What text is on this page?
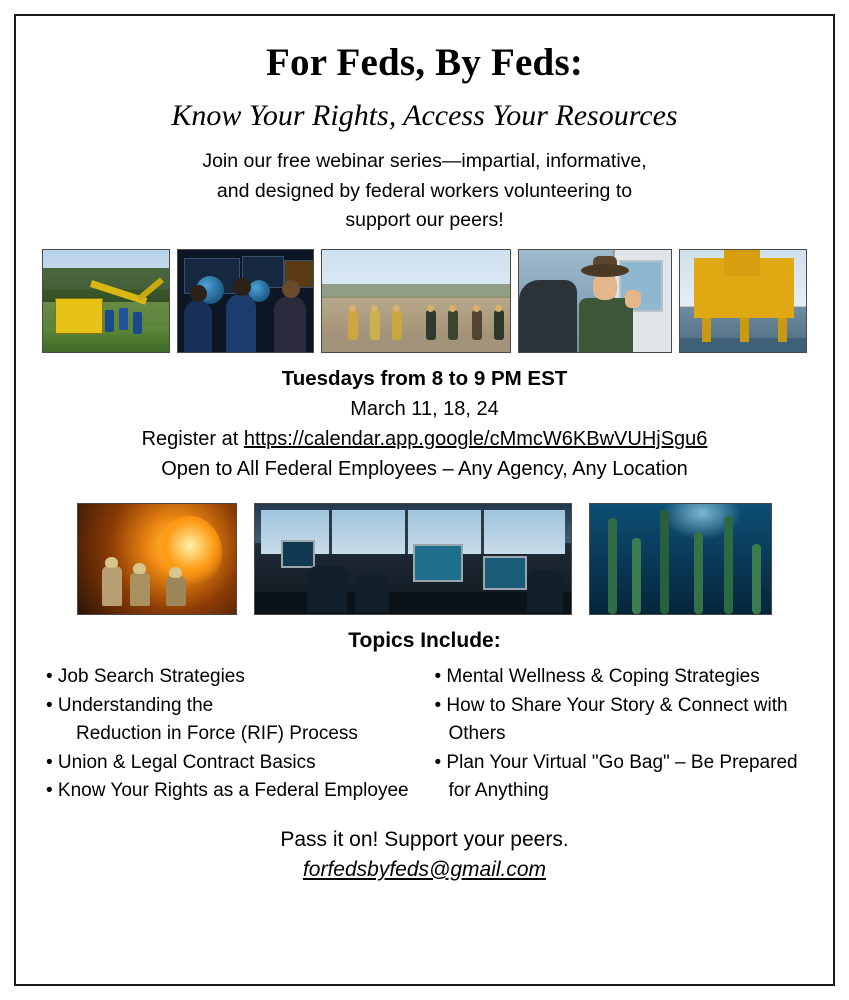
For Feds, By Feds:
Know Your Rights, Access Your Resources
Join our free webinar series—impartial, informative,
and designed by federal workers volunteering to
support our peers!
Tuesdays from 8 to 9 PM EST
March 11, 18, 24
Register at https://calendar.app.google/cMmcW6KBwVUHjSgu6
Open to All Federal Employees – Any Agency, Any Location
Topics Include:
• Job Search Strategies
• Understanding the
Reduction in Force (RIF) Process
• Union & Legal Contract Basics
• Know Your Rights as a Federal Employee
• Mental Wellness & Coping Strategies
• How to Share Your Story & Connect with
Others
• Plan Your Virtual "Go Bag" – Be Prepared
for Anything
Pass it on! Support your peers.
forfedsbyfeds@gmail.com
